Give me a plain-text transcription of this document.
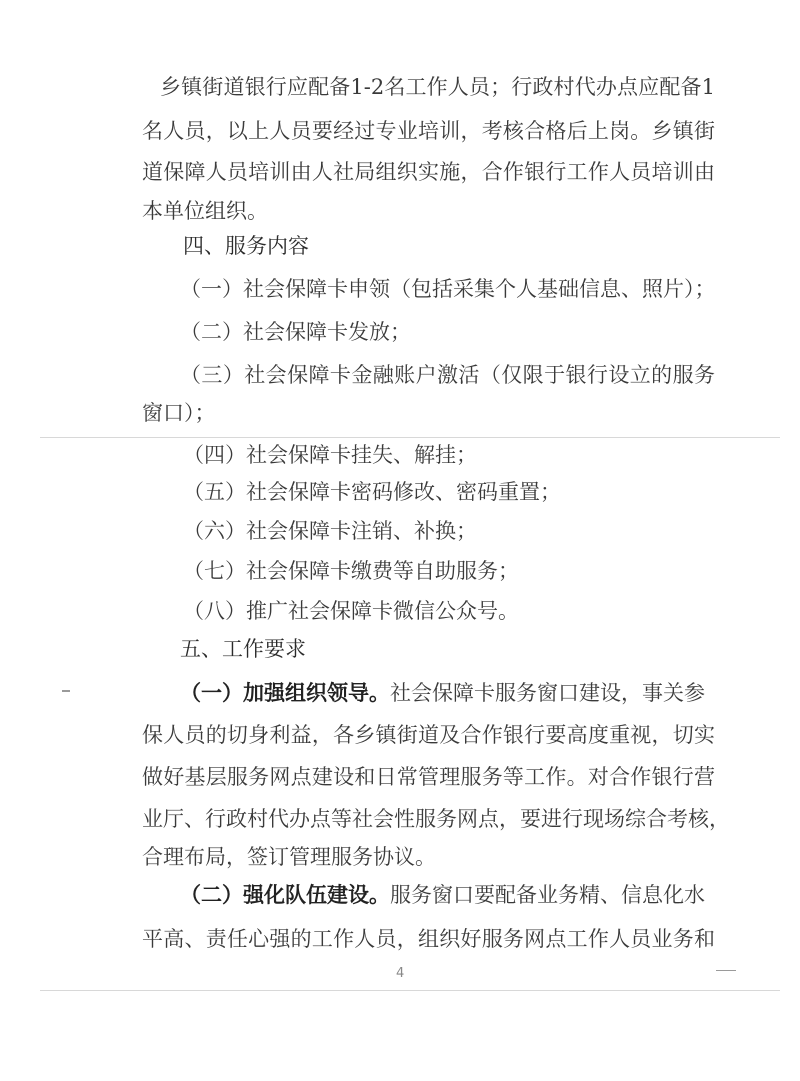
乡镇街道银行应配备1-2名工作人员；行政村代办点应配备1
名人员，以上人员要经过专业培训，考核合格后上岗。乡镇街
道保障人员培训由人社局组织实施，合作银行工作人员培训由
本单位组织。
四、服务内容
（一）社会保障卡申领（包括采集个人基础信息、照片）；
（二）社会保障卡发放；
（三）社会保障卡金融账户激活（仅限于银行设立的服务
窗口）；
（四）社会保障卡挂失、解挂；
（五）社会保障卡密码修改、密码重置；
（六）社会保障卡注销、补换；
（七）社会保障卡缴费等自助服务；
（八）推广社会保障卡微信公众号。
五、工作要求
（一）加强组织领导。社会保障卡服务窗口建设，事关参
保人员的切身利益，各乡镇街道及合作银行要高度重视，切实
做好基层服务网点建设和日常管理服务等工作。对合作银行营
业厅、行政村代办点等社会性服务网点，要进行现场综合考核，
合理布局，签订管理服务协议。
（二）强化队伍建设。服务窗口要配备业务精、信息化水
平高、责任心强的工作人员，组织好服务网点工作人员业务和
4
